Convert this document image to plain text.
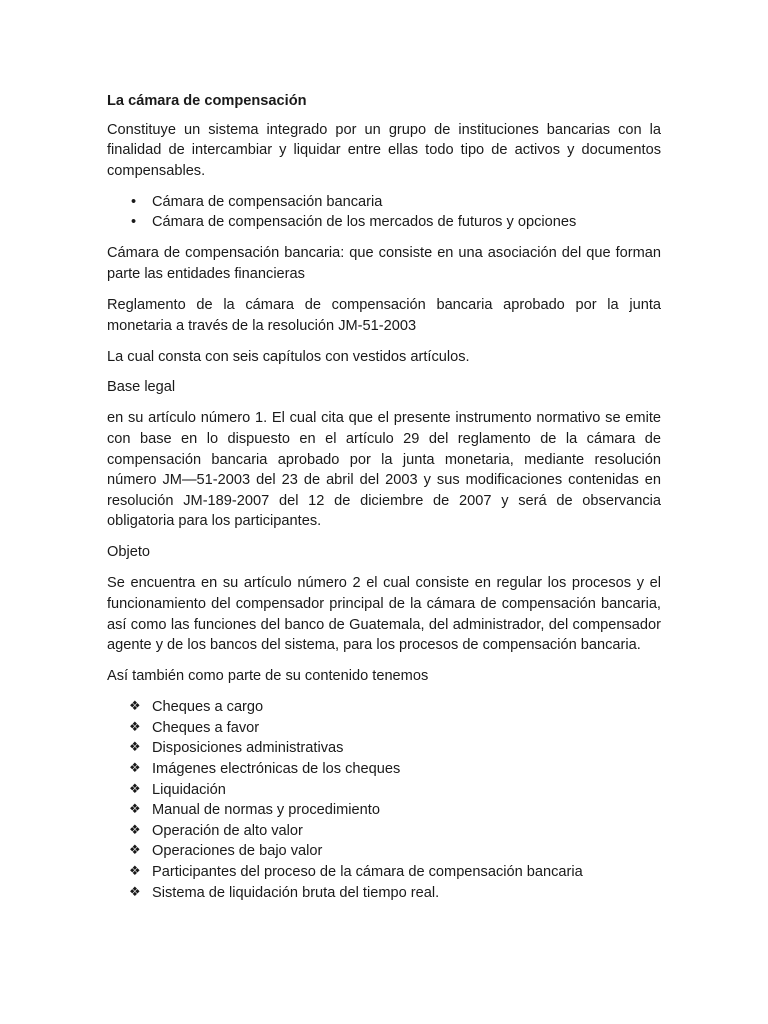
La cámara de compensación

Constituye un sistema integrado por un grupo de instituciones bancarias con la finalidad de intercambiar y liquidar entre ellas todo tipo de activos y documentos compensables.

• Cámara de compensación bancaria
• Cámara de compensación de los mercados de futuros y opciones

Cámara de compensación bancaria: que consiste en una asociación del que forman parte las entidades financieras

Reglamento de la cámara de compensación bancaria aprobado por la junta monetaria a través de la resolución JM-51-2003

La cual consta con seis capítulos con vestidos artículos.

Base legal

en su artículo número 1. El cual cita que el presente instrumento normativo se emite con base en lo dispuesto en el artículo 29 del reglamento de la cámara de compensación bancaria aprobado por la junta monetaria, mediante resolución número JM—51-2003 del 23 de abril del 2003 y sus modificaciones contenidas en resolución JM-189-2007 del 12 de diciembre de 2007 y será de observancia obligatoria para los participantes.

Objeto

Se encuentra en su artículo número 2 el cual consiste en regular los procesos y el funcionamiento del compensador principal de la cámara de compensación bancaria, así como las funciones del banco de Guatemala, del administrador, del compensador agente y de los bancos del sistema, para los procesos de compensación bancaria.

Así también como parte de su contenido tenemos

❖ Cheques a cargo
❖ Cheques a favor
❖ Disposiciones administrativas
❖ Imágenes electrónicas de los cheques
❖ Liquidación
❖ Manual de normas y procedimiento
❖ Operación de alto valor
❖ Operaciones de bajo valor
❖ Participantes del proceso de la cámara de compensación bancaria
❖ Sistema de liquidación bruta del tiempo real.
